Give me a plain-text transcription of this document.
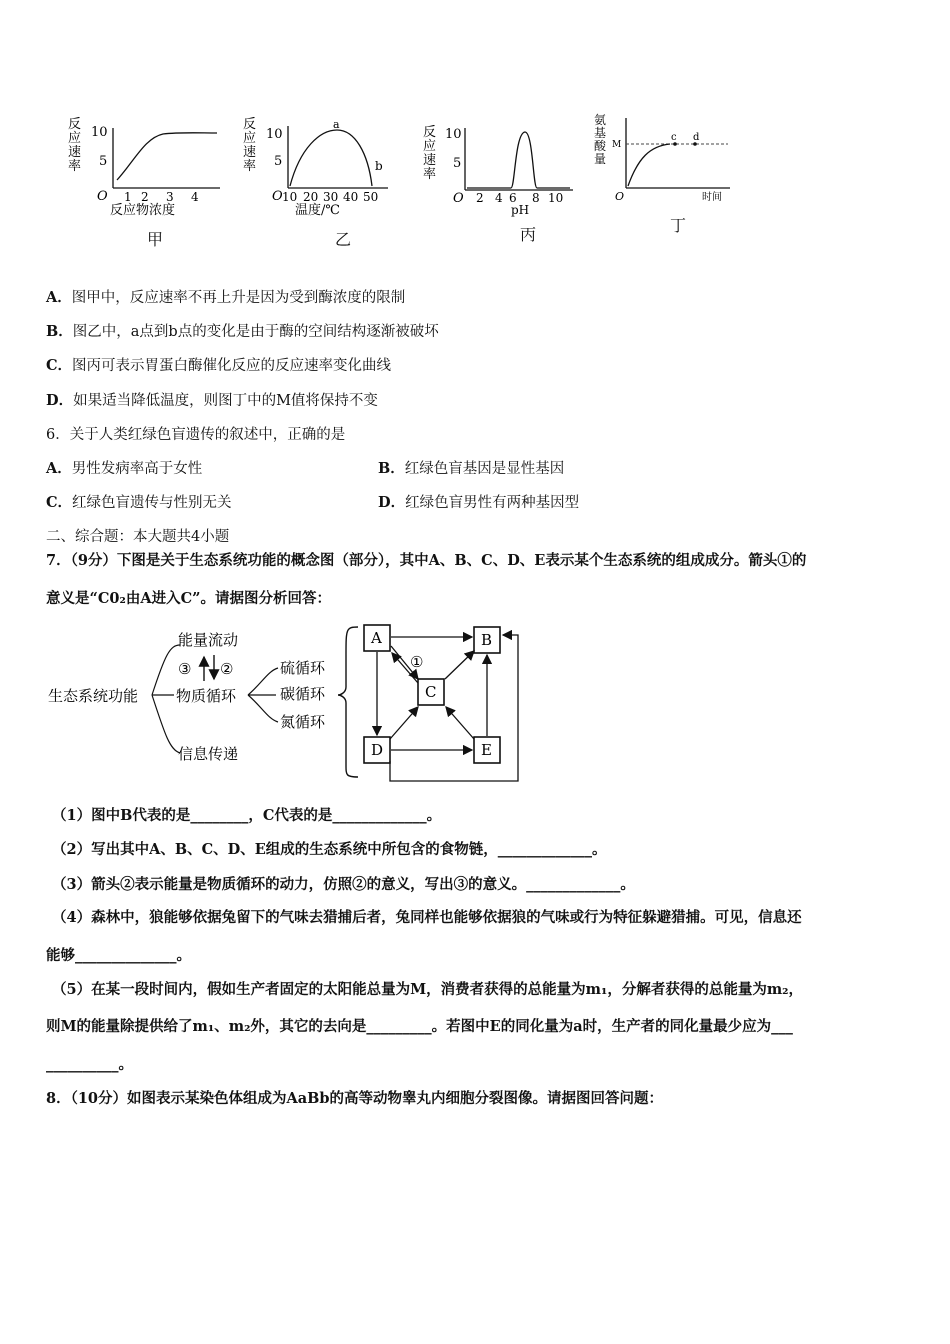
反
应
速
率
10
5
O 1 2 3 4
反应物浓度
反
应
速
率
10
5
O 10 20 30 40 50
温度/℃
a
b
反
应
速
率
10
5
O 2 4 6 8 10
pH
氨
基
酸
量
M
c d
O	时间
甲	乙	丙
丁
A．图甲中，反应速率不再上升是因为受到酶浓度的限制
B．图乙中，a点到b点的变化是由于酶的空间结构逐渐被破坏
C．图丙可表示胃蛋白酶催化反应的反应速率变化曲线
D．如果适当降低温度，则图丁中的M值将保持不变
6．关于人类红绿色盲遗传的叙述中，正确的是
A．男性发病率高于女性	B．红绿色盲基因是显性基因
C．红绿色盲遗传与性别无关	D．红绿色盲男性有两种基因型
二、综合题：本大题共4小题
7．（9分）下图是关于生态系统功能的概念图（部分），其中A、B、C、D、E表示某个生态系统的组成成分。箭头①的
意义是“C0₂由A进入C”。请据图分析回答：
生态系统功能
能量流动
物质循环
信息传递
③ ②	硫循环
碳循环
氮循环
A	B
C
D	E
①
（1）图中B代表的是________，C代表的是_____________。
（2）写出其中A、B、C、D、E组成的生态系统中所包含的食物链，_____________。
（3）箭头②表示能量是物质循环的动力，仿照②的意义，写出③的意义。_____________。
（4）森林中，狼能够依据兔留下的气味去猎捕后者，兔同样也能够依据狼的气味或行为特征躲避猎捕。可见，信息还
能够______________。
（5）在某一段时间内，假如生产者固定的太阳能总量为M，消费者获得的总能量为m₁，分解者获得的总能量为m₂，
则M的能量除提供给了m₁、m₂外，其它的去向是_________。若图中E的同化量为a时，生产者的同化量最少应为___
__________。
8．（10分）如图表示某染色体组成为AaBb的高等动物睾丸内细胞分裂图像。请据图回答问题：
